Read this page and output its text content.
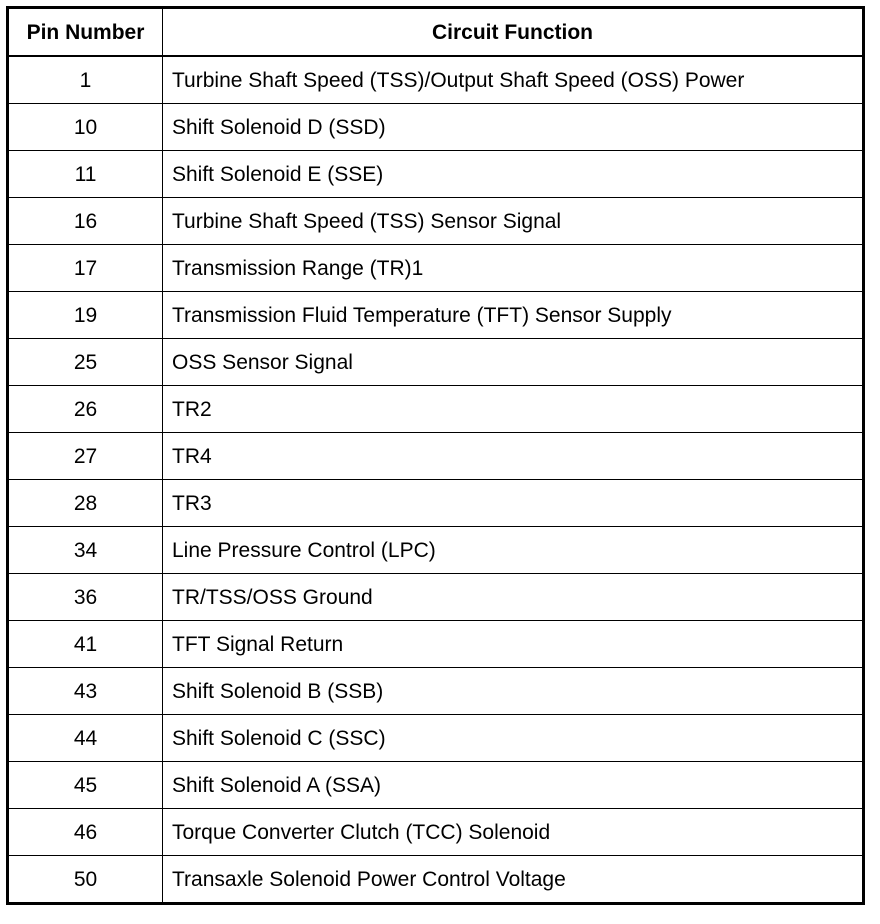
Pin Number	Circuit Function
1	Turbine Shaft Speed (TSS)/Output Shaft Speed (OSS) Power
10	Shift Solenoid D (SSD)
11	Shift Solenoid E (SSE)
16	Turbine Shaft Speed (TSS) Sensor Signal
17	Transmission Range (TR)1
19	Transmission Fluid Temperature (TFT) Sensor Supply
25	OSS Sensor Signal
26	TR2
27	TR4
28	TR3
34	Line Pressure Control (LPC)
36	TR/TSS/OSS Ground
41	TFT Signal Return
43	Shift Solenoid B (SSB)
44	Shift Solenoid C (SSC)
45	Shift Solenoid A (SSA)
46	Torque Converter Clutch (TCC) Solenoid
50	Transaxle Solenoid Power Control Voltage
